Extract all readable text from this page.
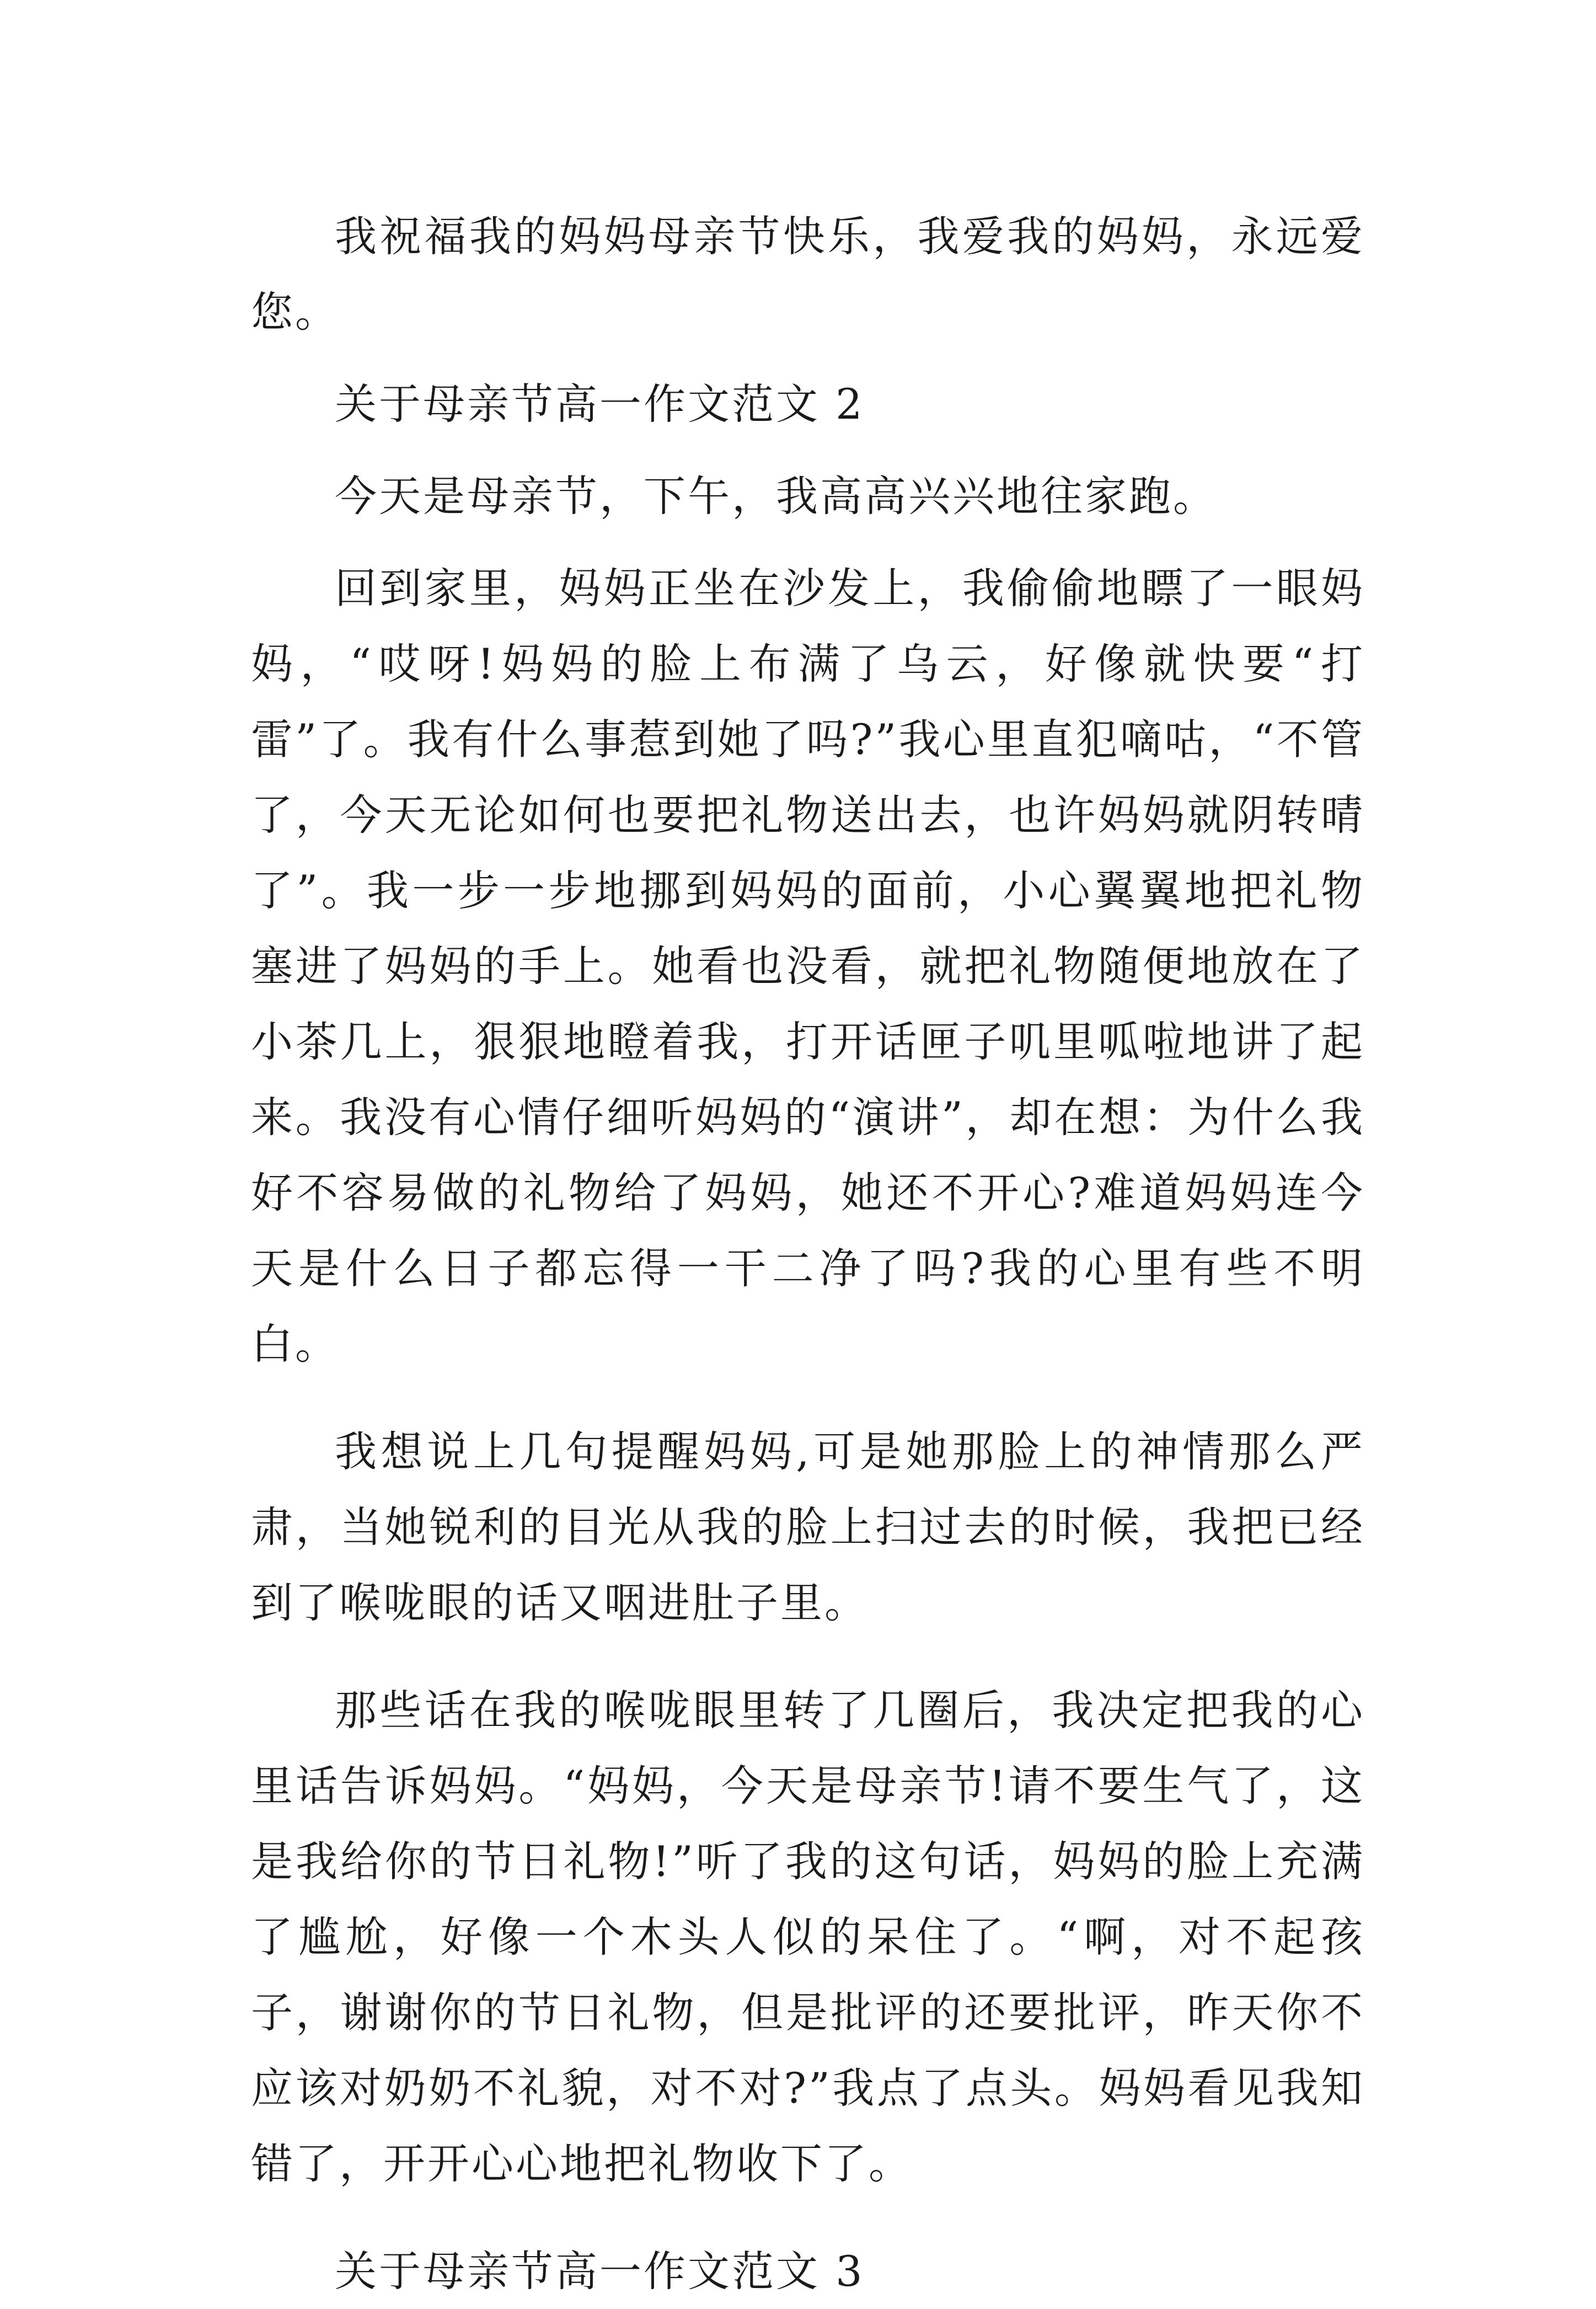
我祝福我的妈妈母亲节快乐，我爱我的妈妈，永远爱您。

关于母亲节高一作文范文 2

今天是母亲节，下午，我高高兴兴地往家跑。

回到家里，妈妈正坐在沙发上，我偷偷地瞟了一眼妈妈，“哎呀!妈妈的脸上布满了乌云，好像就快要“打雷”了。我有什么事惹到她了吗?”我心里直犯嘀咕，“不管了，今天无论如何也要把礼物送出去，也许妈妈就阴转晴了”。我一步一步地挪到妈妈的面前，小心翼翼地把礼物塞进了妈妈的手上。她看也没看，就把礼物随便地放在了小茶几上，狠狠地瞪着我，打开话匣子叽里呱啦地讲了起来。我没有心情仔细听妈妈的“演讲”，却在想：为什么我好不容易做的礼物给了妈妈，她还不开心?难道妈妈连今天是什么日子都忘得一干二净了吗?我的心里有些不明白。

我想说上几句提醒妈妈,可是她那脸上的神情那么严肃，当她锐利的目光从我的脸上扫过去的时候，我把已经到了喉咙眼的话又咽进肚子里。

那些话在我的喉咙眼里转了几圈后，我决定把我的心里话告诉妈妈。“妈妈，今天是母亲节!请不要生气了，这是我给你的节日礼物!”听了我的这句话，妈妈的脸上充满了尴尬，好像一个木头人似的呆住了。“啊，对不起孩子，谢谢你的节日礼物，但是批评的还要批评，昨天你不应该对奶奶不礼貌，对不对?”我点了点头。妈妈看见我知错了，开开心心地把礼物收下了。

关于母亲节高一作文范文 3
